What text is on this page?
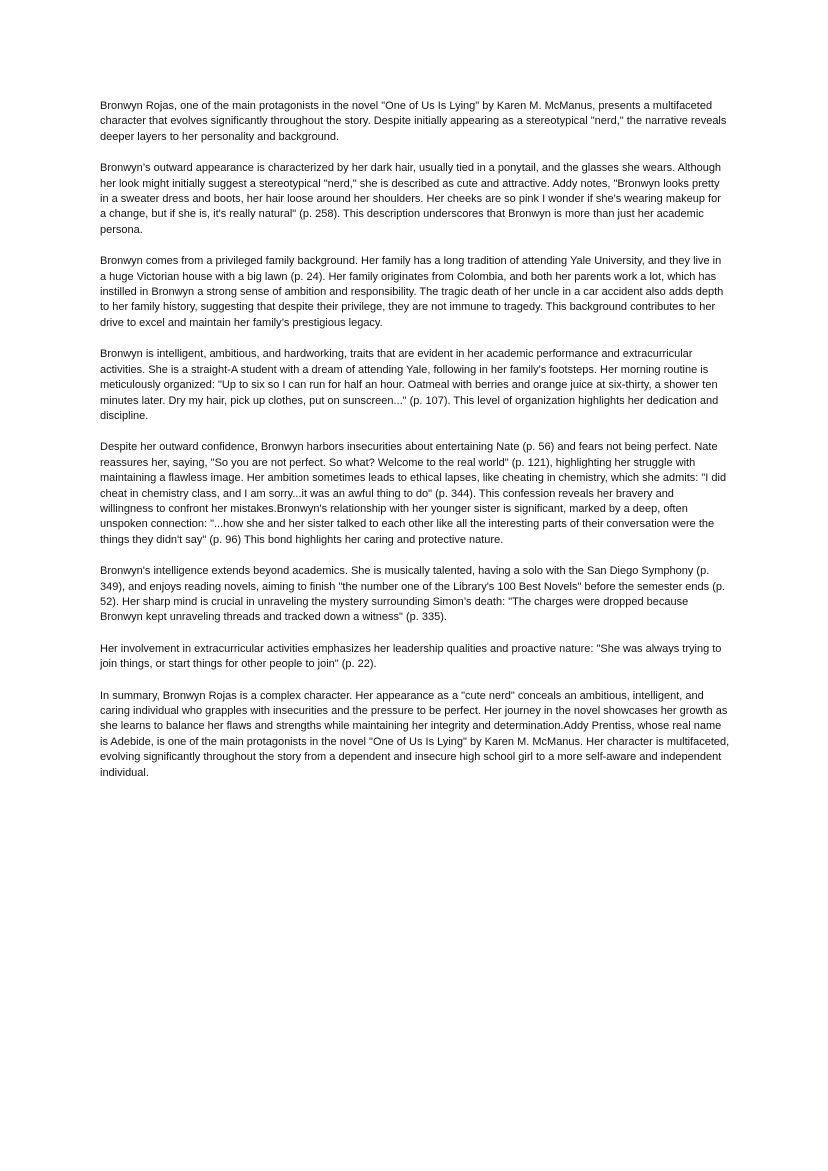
Bronwyn Rojas, one of the main protagonists in the novel "One of Us Is Lying" by Karen M. McManus, presents a multifaceted character that evolves significantly throughout the story. Despite initially appearing as a stereotypical "nerd," the narrative reveals deeper layers to her personality and background.

Bronwyn’s outward appearance is characterized by her dark hair, usually tied in a ponytail, and the glasses she wears. Although her look might initially suggest a stereotypical "nerd," she is described as cute and attractive. Addy notes, "Bronwyn looks pretty in a sweater dress and boots, her hair loose around her shoulders. Her cheeks are so pink I wonder if she's wearing makeup for a change, but if she is, it's really natural" (p. 258). This description underscores that Bronwyn is more than just her academic persona.

Bronwyn comes from a privileged family background. Her family has a long tradition of attending Yale University, and they live in a huge Victorian house with a big lawn (p. 24). Her family originates from Colombia, and both her parents work a lot, which has instilled in Bronwyn a strong sense of ambition and responsibility. The tragic death of her uncle in a car accident also adds depth to her family history, suggesting that despite their privilege, they are not immune to tragedy. This background contributes to her drive to excel and maintain her family’s prestigious legacy.

Bronwyn is intelligent, ambitious, and hardworking, traits that are evident in her academic performance and extracurricular activities. She is a straight-A student with a dream of attending Yale, following in her family's footsteps. Her morning routine is meticulously organized: "Up to six so I can run for half an hour. Oatmeal with berries and orange juice at six-thirty, a shower ten minutes later. Dry my hair, pick up clothes, put on sunscreen..." (p. 107). This level of organization highlights her dedication and discipline.

Despite her outward confidence, Bronwyn harbors insecurities about entertaining Nate (p. 56) and fears not being perfect. Nate reassures her, saying, "So you are not perfect. So what? Welcome to the real world" (p. 121), highlighting her struggle with maintaining a flawless image. Her ambition sometimes leads to ethical lapses, like cheating in chemistry, which she admits: "I did cheat in chemistry class, and I am sorry...it was an awful thing to do" (p. 344). This confession reveals her bravery and willingness to confront her mistakes.Bronwyn's relationship with her younger sister is significant, marked by a deep, often unspoken connection: "...how she and her sister talked to each other like all the interesting parts of their conversation were the things they didn't say" (p. 96) This bond highlights her caring and protective nature.

Bronwyn's intelligence extends beyond academics. She is musically talented, having a solo with the San Diego Symphony (p. 349), and enjoys reading novels, aiming to finish "the number one of the Library's 100 Best Novels" before the semester ends (p. 52). Her sharp mind is crucial in unraveling the mystery surrounding Simon’s death: "The charges were dropped because Bronwyn kept unraveling threads and tracked down a witness" (p. 335).

Her involvement in extracurricular activities emphasizes her leadership qualities and proactive nature: "She was always trying to join things, or start things for other people to join" (p. 22).

In summary, Bronwyn Rojas is a complex character. Her appearance as a "cute nerd" conceals an ambitious, intelligent, and caring individual who grapples with insecurities and the pressure to be perfect. Her journey in the novel showcases her growth as she learns to balance her flaws and strengths while maintaining her integrity and determination.Addy Prentiss, whose real name is Adebide, is one of the main protagonists in the novel "One of Us Is Lying" by Karen M. McManus. Her character is multifaceted, evolving significantly throughout the story from a dependent and insecure high school girl to a more self-aware and independent individual.
